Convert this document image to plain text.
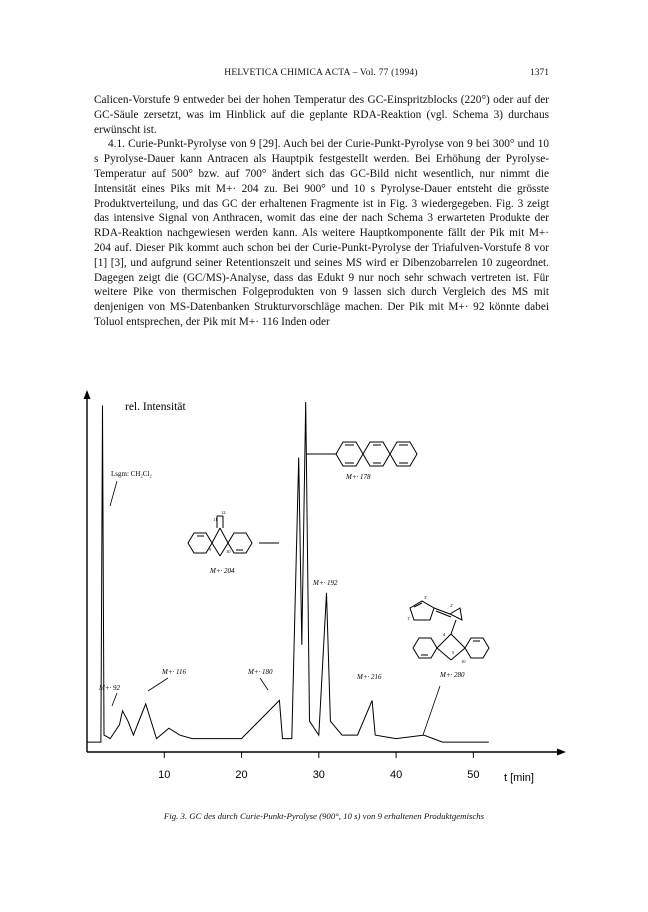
HELVETICA CHIMICA ACTA – Vol. 77 (1994)	1371

Calicen-Vorstufe 9 entweder bei der hohen Temperatur des GC-Einspritzblocks (220°) oder auf der GC-Säule zersetzt, was im Hinblick auf die geplante RDA-Reaktion (vgl. Schema 3) durchaus erwünscht ist.

4.1. Curie-Punkt-Pyrolyse von 9 [29]. Auch bei der Curie-Punkt-Pyrolyse von 9 bei 300° und 10 s Pyrolyse-Dauer kann Antracen als Hauptpik festgestellt werden. Bei Erhöhung der Pyrolyse-Temperatur auf 500° bzw. auf 700° ändert sich das GC-Bild nicht wesentlich, nur nimmt die Intensität eines Piks mit M+· 204 zu. Bei 900° und 10 s Pyrolyse-Dauer entsteht die grösste Produktverteilung, und das GC der erhaltenen Fragmente ist in Fig. 3 wiedergegeben. Fig. 3 zeigt das intensive Signal von Anthracen, womit das eine der nach Schema 3 erwarteten Produkte der RDA-Reaktion nachgewiesen werden kann. Als weitere Hauptkomponente fällt der Pik mit M+· 204 auf. Dieser Pik kommt auch schon bei der Curie-Punkt-Pyrolyse der Triafulven-Vorstufe 8 vor [1] [3], und aufgrund seiner Retentionszeit und seines MS wird er Dibenzobarrelen 10 zugeordnet. Dagegen zeigt die (GC/MS)-Analyse, dass das Edukt 9 nur noch sehr schwach vertreten ist. Für weitere Pike von thermischen Folgeprodukten von 9 lassen sich durch Vergleich des MS mit denjenigen von MS-Datenbanken Strukturvorschläge machen. Der Pik mit M+· 92 könnte dabei Toluol entsprechen, der Pik mit M+· 116 Inden oder

10	20	30	40	50
rel. Intensität
t [min]
Lsgm: CH₂Cl₂
M+· 92
M+· 116	M+· 180
M+· 178
M+· 204
M+· 192
M+· 216	M+· 280
12
11
9	10
3'
2'
1'
4
5
10
Fig. 3. GC des durch Curie-Punkt-Pyrolyse (900°, 10 s) von 9 erhaltenen Produktgemischs
